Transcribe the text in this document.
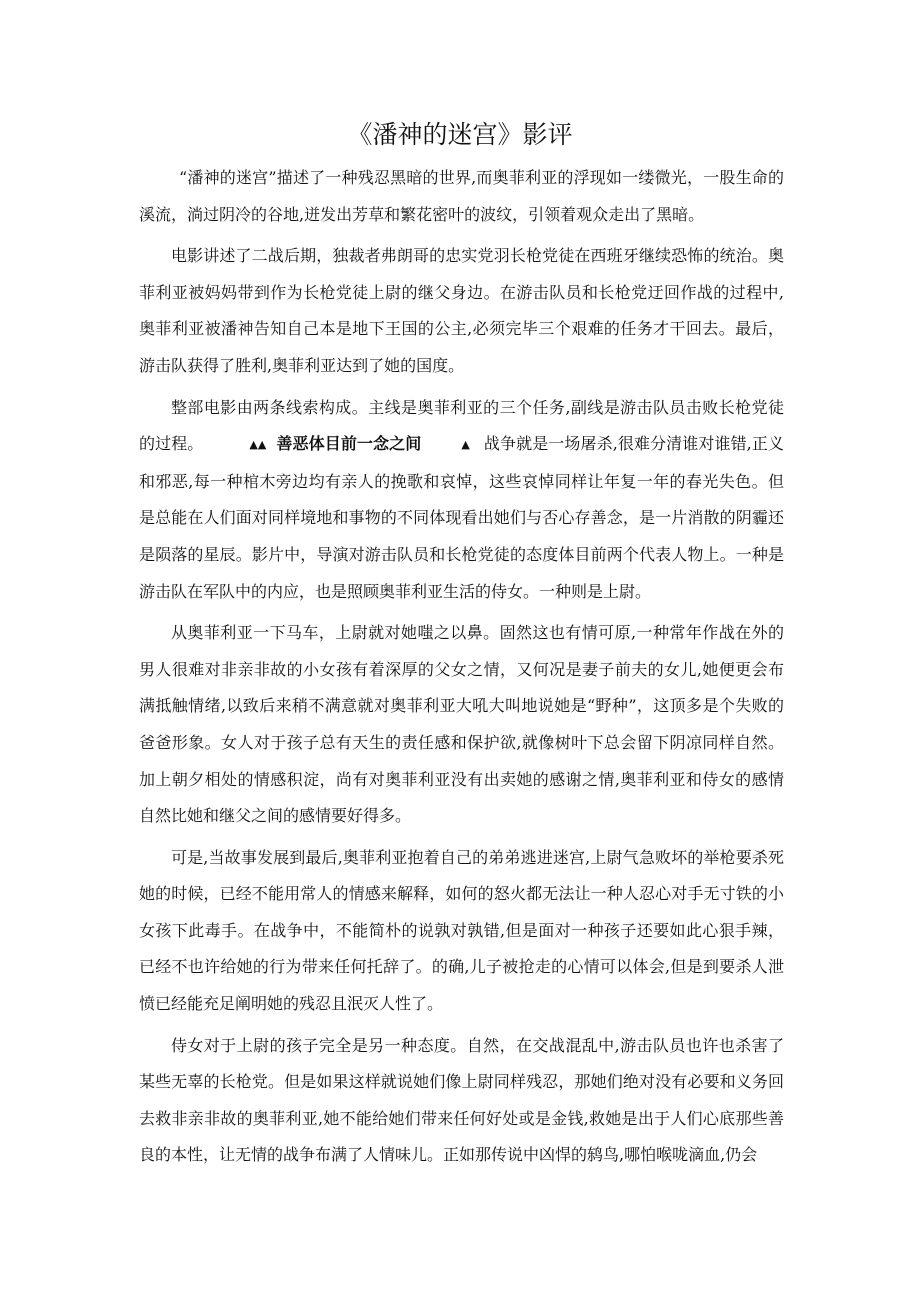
《潘神的迷宫》影评

“潘神的迷宫”描述了一种残忍黑暗的世界,而奥菲利亚的浮现如一缕微光，一股生命的溪流，淌过阴冷的谷地,迸发出芳草和繁花密叶的波纹，引领着观众走出了黑暗。

电影讲述了二战后期，独裁者弗朗哥的忠实党羽长枪党徒在西班牙继续恐怖的统治。奥菲利亚被妈妈带到作为长枪党徒上尉的继父身边。在游击队员和长枪党迂回作战的过程中,奥菲利亚被潘神告知自己本是地下王国的公主,必须完毕三个艰难的任务才干回去。最后，游击队获得了胜利,奥菲利亚达到了她的国度。

整部电影由两条线索构成。主线是奥菲利亚的三个任务,副线是游击队员击败长枪党徒的过程。	▲▲ 善恶体目前一念之间	▲ 战争就是一场屠杀,很难分清谁对谁错,正义和邪恶,每一种棺木旁边均有亲人的挽歌和哀悼，这些哀悼同样让年复一年的春光失色。但是总能在人们面对同样境地和事物的不同体现看出她们与否心存善念，是一片消散的阴霾还是陨落的星辰。影片中，导演对游击队员和长枪党徒的态度体目前两个代表人物上。一种是游击队在军队中的内应，也是照顾奥菲利亚生活的侍女。一种则是上尉。

从奥菲利亚一下马车，上尉就对她嗤之以鼻。固然这也有情可原,一种常年作战在外的男人很难对非亲非故的小女孩有着深厚的父女之情，又何况是妻子前夫的女儿,她便更会布满抵触情绪,以致后来稍不满意就对奥菲利亚大吼大叫地说她是“野种”，这顶多是个失败的爸爸形象。女人对于孩子总有天生的责任感和保护欲,就像树叶下总会留下阴凉同样自然。加上朝夕相处的情感积淀，尚有对奥菲利亚没有出卖她的感谢之情,奥菲利亚和侍女的感情自然比她和继父之间的感情要好得多。

可是,当故事发展到最后,奥菲利亚抱着自己的弟弟逃进迷宫,上尉气急败坏的举枪要杀死她的时候，已经不能用常人的情感来解释，如何的怒火都无法让一种人忍心对手无寸铁的小女孩下此毒手。在战争中，不能简朴的说孰对孰错,但是面对一种孩子还要如此心狠手辣，已经不也许给她的行为带来任何托辞了。的确,儿子被抢走的心情可以体会,但是到要杀人泄愤已经能充足阐明她的残忍且泯灭人性了。

侍女对于上尉的孩子完全是另一种态度。自然，在交战混乱中,游击队员也许也杀害了某些无辜的长枪党。但是如果这样就说她们像上尉同样残忍，那她们绝对没有必要和义务回去救非亲非故的奥菲利亚,她不能给她们带来任何好处或是金钱,救她是出于人们心底那些善良的本性，让无情的战争布满了人情味儿。正如那传说中凶悍的鸫鸟,哪怕喉咙滴血,仍会
